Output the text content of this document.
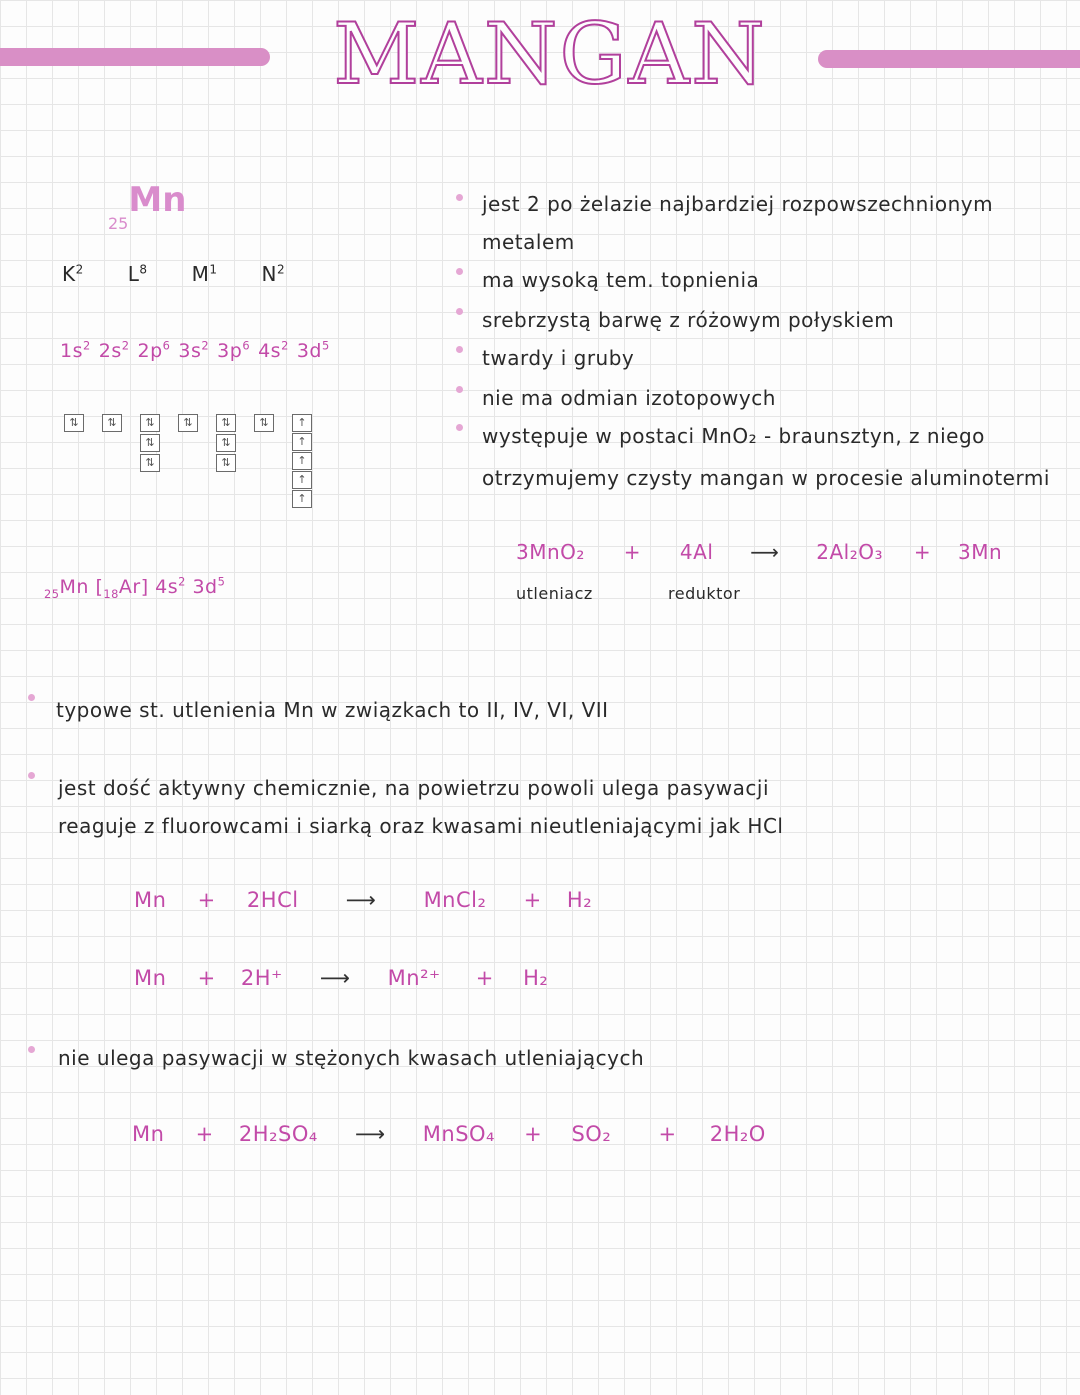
MANGAN
25Mn
$K^2$ $L^8$ $M^1$ $N^2$
$1s^2$ $2s^2$ $2p^6$ $3s^2$ $3p^6$ $4s^2$ $3d^5$
⇅	⇅	⇅
⇅
⇅
⇅	⇅
⇅
⇅
⇅	↑
↑
↑
↑
↑
$_{25}$Mn $[_{18}Ar]$ $4s^2$ $3d^5$
jest 2 po żelazie najbardziej rozpowszechnionym
metalem
ma wysoką tem. topnienia
srebrzystą barwę z różowym połyskiem
twardy i gruby
nie ma odmian izotopowych
występuje w postaci MnO₂ - braunsztyn, z niego
otrzymujemy czysty mangan w procesie aluminotermi
3MnO₂ + 4Al ⟶ 2Al₂O₃ + 3Mn
utleniacz	reduktor
typowe st. utlenienia Mn w związkach to II, IV, VI, VII
jest dość aktywny chemicznie, na powietrzu powoli ulega pasywacji
reaguje z fluorowcami i siarką oraz kwasami nieutleniającymi jak HCl
Mn + 2HCl ⟶ MnCl₂ + H₂
Mn + 2H⁺ ⟶ Mn²⁺ + H₂
nie ulega pasywacji w stężonych kwasach utleniających
Mn + 2H₂SO₄ ⟶ MnSO₄ + SO₂ + 2H₂O
